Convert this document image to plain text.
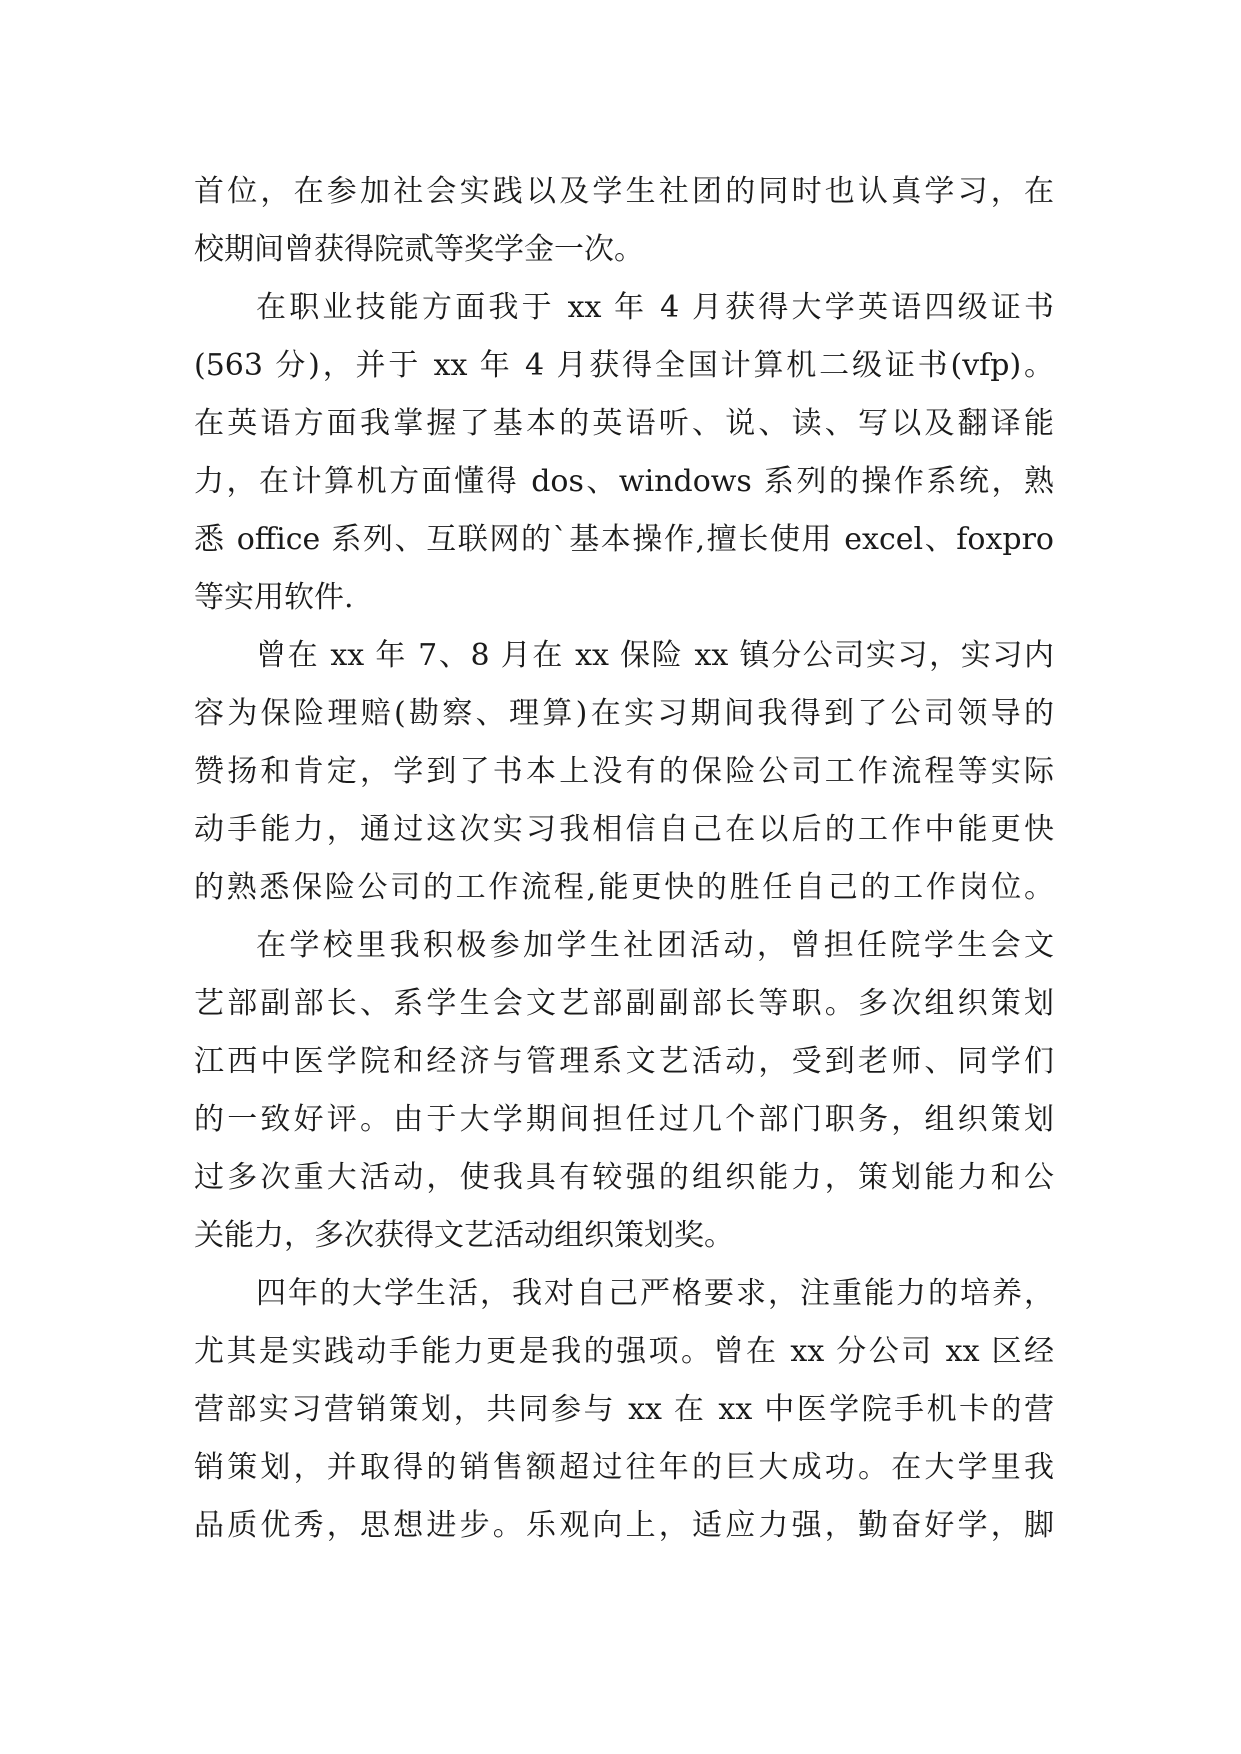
首位，在参加社会实践以及学生社团的同时也认真学习，在
校期间曾获得院贰等奖学金一次。
在职业技能方面我于 xx 年 4 月获得大学英语四级证书
(563 分)，并于 xx 年 4 月获得全国计算机二级证书(vfp)。
在英语方面我掌握了基本的英语听、说、读、写以及翻译能
力，在计算机方面懂得 dos、windows 系列的操作系统，熟
悉 office 系列、互联网的`基本操作,擅长使用 excel、foxpro
等实用软件.
曾在 xx 年 7、8 月在 xx 保险 xx 镇分公司实习，实习内
容为保险理赔(勘察、理算)在实习期间我得到了公司领导的
赞扬和肯定，学到了书本上没有的保险公司工作流程等实际
动手能力，通过这次实习我相信自己在以后的工作中能更快
的熟悉保险公司的工作流程,能更快的胜任自己的工作岗位。
在学校里我积极参加学生社团活动，曾担任院学生会文
艺部副部长、系学生会文艺部副副部长等职。多次组织策划
江西中医学院和经济与管理系文艺活动，受到老师、同学们
的一致好评。由于大学期间担任过几个部门职务，组织策划
过多次重大活动，使我具有较强的组织能力，策划能力和公
关能力，多次获得文艺活动组织策划奖。
四年的大学生活，我对自己严格要求，注重能力的培养，
尤其是实践动手能力更是我的强项。曾在 xx 分公司 xx 区经
营部实习营销策划，共同参与 xx 在 xx 中医学院手机卡的营
销策划，并取得的销售额超过往年的巨大成功。在大学里我
品质优秀，思想进步。乐观向上，适应力强，勤奋好学，脚
